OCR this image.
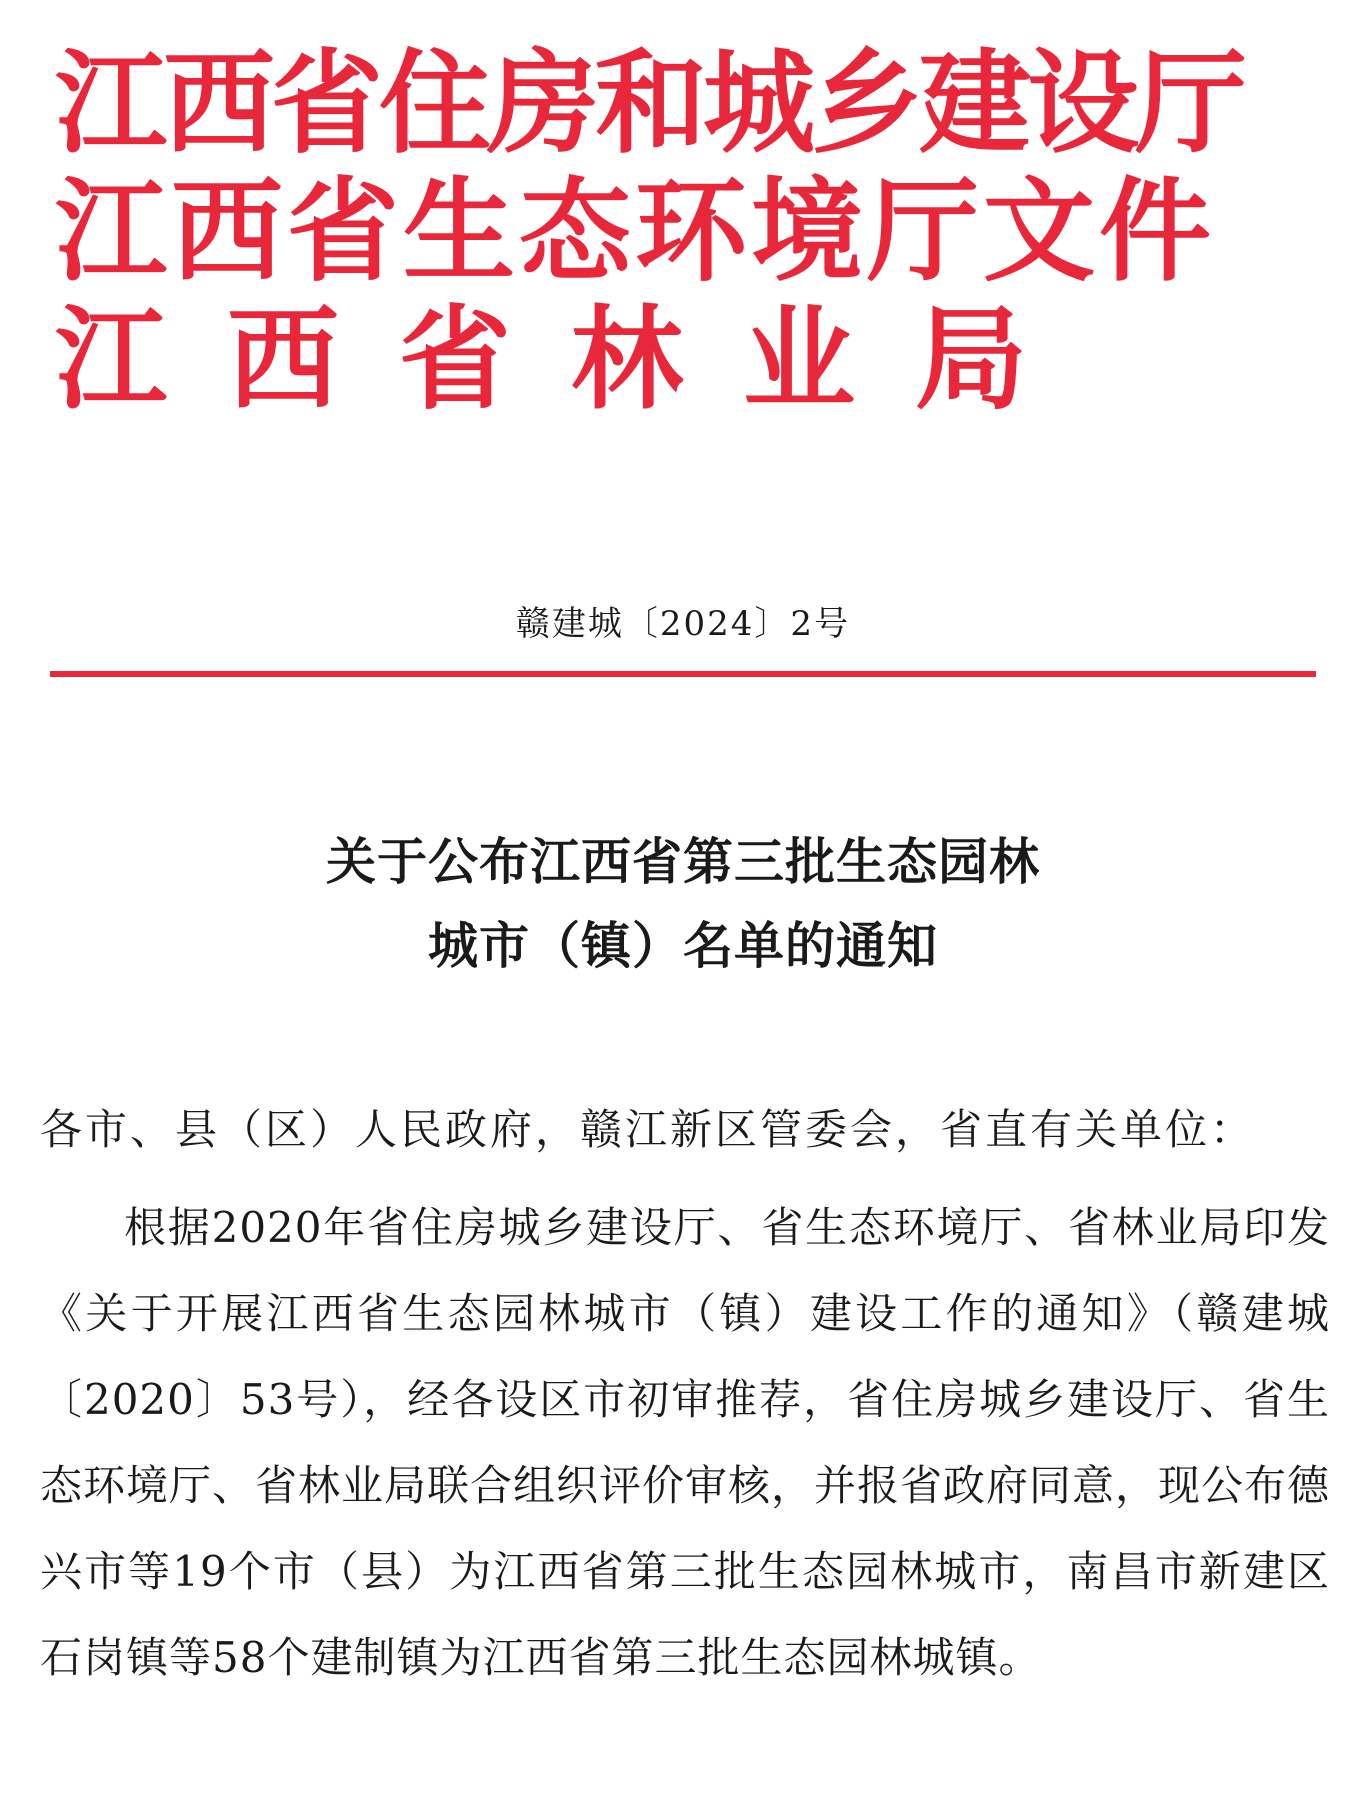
江西省住房和城乡建设厅
江西省生态环境厅文件
江西省林业局
赣建城〔2024〕2号
关于公布江西省第三批生态园林
城市（镇）名单的通知
各市、县（区）人民政府，赣江新区管委会，省直有关单位：
根据2020年省住房城乡建设厅、省生态环境厅、省林业局印发《关于开展江西省生态园林城市（镇）建设工作的通知》（赣建城〔2020〕53号），经各设区市初审推荐，省住房城乡建设厅、省生态环境厅、省林业局联合组织评价审核，并报省政府同意，现公布德兴市等19个市（县）为江西省第三批生态园林城市，南昌市新建区石岗镇等58个建制镇为江西省第三批生态园林城镇。
